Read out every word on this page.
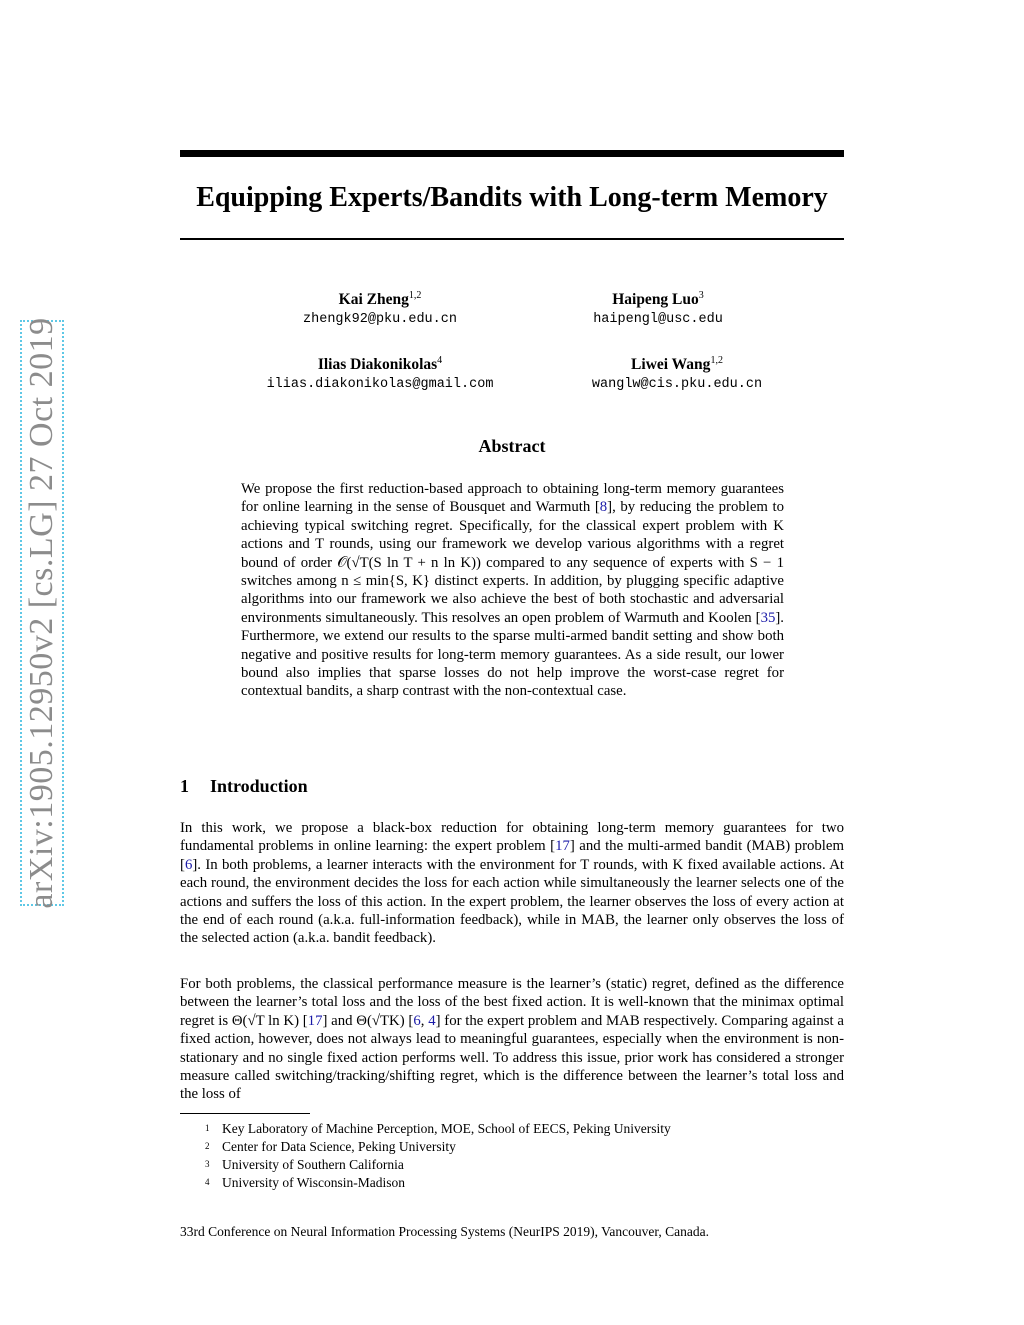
arXiv:1905.12950v2 [cs.LG] 27 Oct 2019
Equipping Experts/Bandits with Long-term Memory
Kai Zheng$^{1,2}$
zhengk92@pku.edu.cn
Haipeng Luo$^3$
haipengl@usc.edu
Ilias Diakonikolas$^4$
ilias.diakonikolas@gmail.com
Liwei Wang$^{1,2}$
wanglw@cis.pku.edu.cn
Abstract
We propose the first reduction-based approach to obtaining long-term memory guarantees for online learning in the sense of Bousquet and Warmuth [8], by reducing the problem to achieving typical switching regret. Specifically, for the classical expert problem with K actions and T rounds, using our framework we develop various algorithms with a regret bound of order 𝒪(√T(S ln T + n ln K)) compared to any sequence of experts with S − 1 switches among n ≤ min{S, K} distinct experts. In addition, by plugging specific adaptive algorithms into our framework we also achieve the best of both stochastic and adversarial environments simultaneously. This resolves an open problem of Warmuth and Koolen [35]. Furthermore, we extend our results to the sparse multi-armed bandit setting and show both negative and positive results for long-term memory guarantees. As a side result, our lower bound also implies that sparse losses do not help improve the worst-case regret for contextual bandits, a sharp contrast with the non-contextual case.
1 Introduction
In this work, we propose a black-box reduction for obtaining long-term memory guarantees for two fundamental problems in online learning: the expert problem [17] and the multi-armed bandit (MAB) problem [6]. In both problems, a learner interacts with the environment for T rounds, with K fixed available actions. At each round, the environment decides the loss for each action while simultaneously the learner selects one of the actions and suffers the loss of this action. In the expert problem, the learner observes the loss of every action at the end of each round (a.k.a. full-information feedback), while in MAB, the learner only observes the loss of the selected action (a.k.a. bandit feedback).
For both problems, the classical performance measure is the learner’s (static) regret, defined as the difference between the learner’s total loss and the loss of the best fixed action. It is well-known that the minimax optimal regret is Θ(√T ln K) [17] and Θ(√TK) [6, 4] for the expert problem and MAB respectively. Comparing against a fixed action, however, does not always lead to meaningful guarantees, especially when the environment is non-stationary and no single fixed action performs well. To address this issue, prior work has considered a stronger measure called switching/tracking/shifting regret, which is the difference between the learner’s total loss and the loss of
$^1$ Key Laboratory of Machine Perception, MOE, School of EECS, Peking University
$^2$ Center for Data Science, Peking University
$^3$ University of Southern California
$^4$ University of Wisconsin-Madison
33rd Conference on Neural Information Processing Systems (NeurIPS 2019), Vancouver, Canada.
